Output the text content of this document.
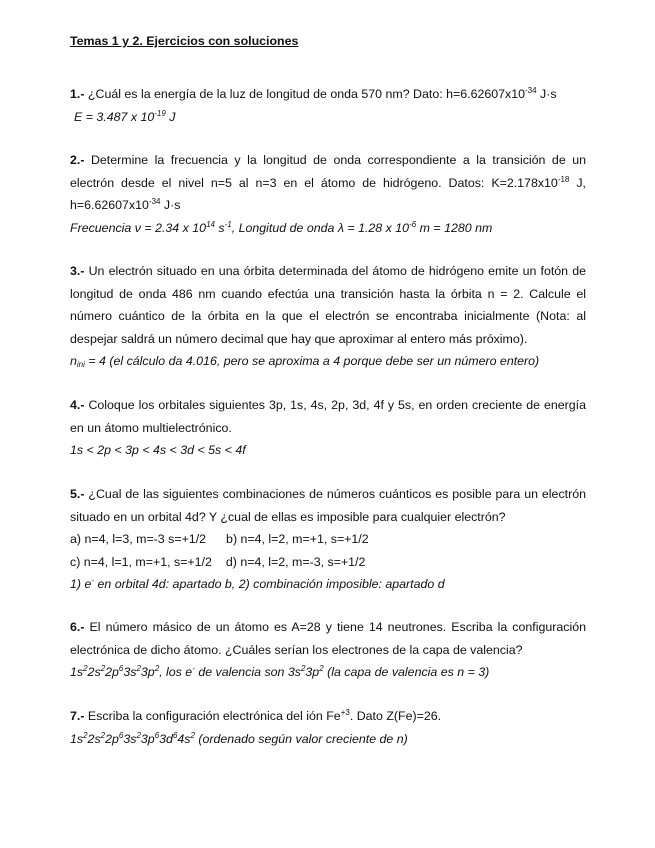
Temas 1 y 2. Ejercicios con soluciones
1.- ¿Cuál es la energía de la luz de longitud de onda 570 nm? Dato: $h=6.62607x10^{-34}$ J·s
E = 3.487 x $10^{-19}$ J
2.- Determine la frecuencia y la longitud de onda correspondiente a la transición de un electrón desde el nivel n=5 al n=3 en el átomo de hidrógeno. Datos: $K=2.178x10^{-18}$ J, $h=6.62607x10^{-34}$ J·s
Frecuencia ν = 2.34 x $10^{14}$ $s^{-1}$, Longitud de onda λ = 1.28 x $10^{-6}$ m = 1280 nm
3.- Un electrón situado en una órbita determinada del átomo de hidrógeno emite un fotón de longitud de onda 486 nm cuando efectúa una transición hasta la órbita n = 2. Calcule el número cuántico de la órbita en la que el electrón se encontraba inicialmente (Nota: al despejar saldrá un número decimal que hay que aproximar al entero más próximo).
$n_{ini} = 4$ (el cálculo da 4.016, pero se aproxima a 4 porque debe ser un número entero)
4.- Coloque los orbitales siguientes 3p, 1s, 4s, 2p, 3d, 4f y 5s, en orden creciente de energía en un átomo multielectrónico.
1s < 2p < 3p < 4s < 3d < 5s < 4f
5.- ¿Cual de las siguientes combinaciones de números cuánticos es posible para un electrón situado en un orbital 4d? Y ¿cual de ellas es imposible para cualquier electrón?
a) n=4, l=3, m=-3 s=+1/2 b) n=4, l=2, m=+1, s=+1/2
c) n=4, l=1, m=+1, s=+1/2 d) n=4, l=2, m=-3, s=+1/2
1) e- en orbital 4d: apartado b, 2) combinación imposible: apartado d
6.- El número másico de un átomo es A=28 y tiene 14 neutrones. Escriba la configuración electrónica de dicho átomo. ¿Cuáles serían los electrones de la capa de valencia?
$1s^22s^22p^63s^23p^2$, los e- de valencia son $3s^23p^2$ (la capa de valencia es n = 3)
7.- Escriba la configuración electrónica del ión $Fe^{+3}$. Dato Z(Fe)=26.
$1s^22s^22p^63s^23p^63d^64s^2$ (ordenado según valor creciente de n)
